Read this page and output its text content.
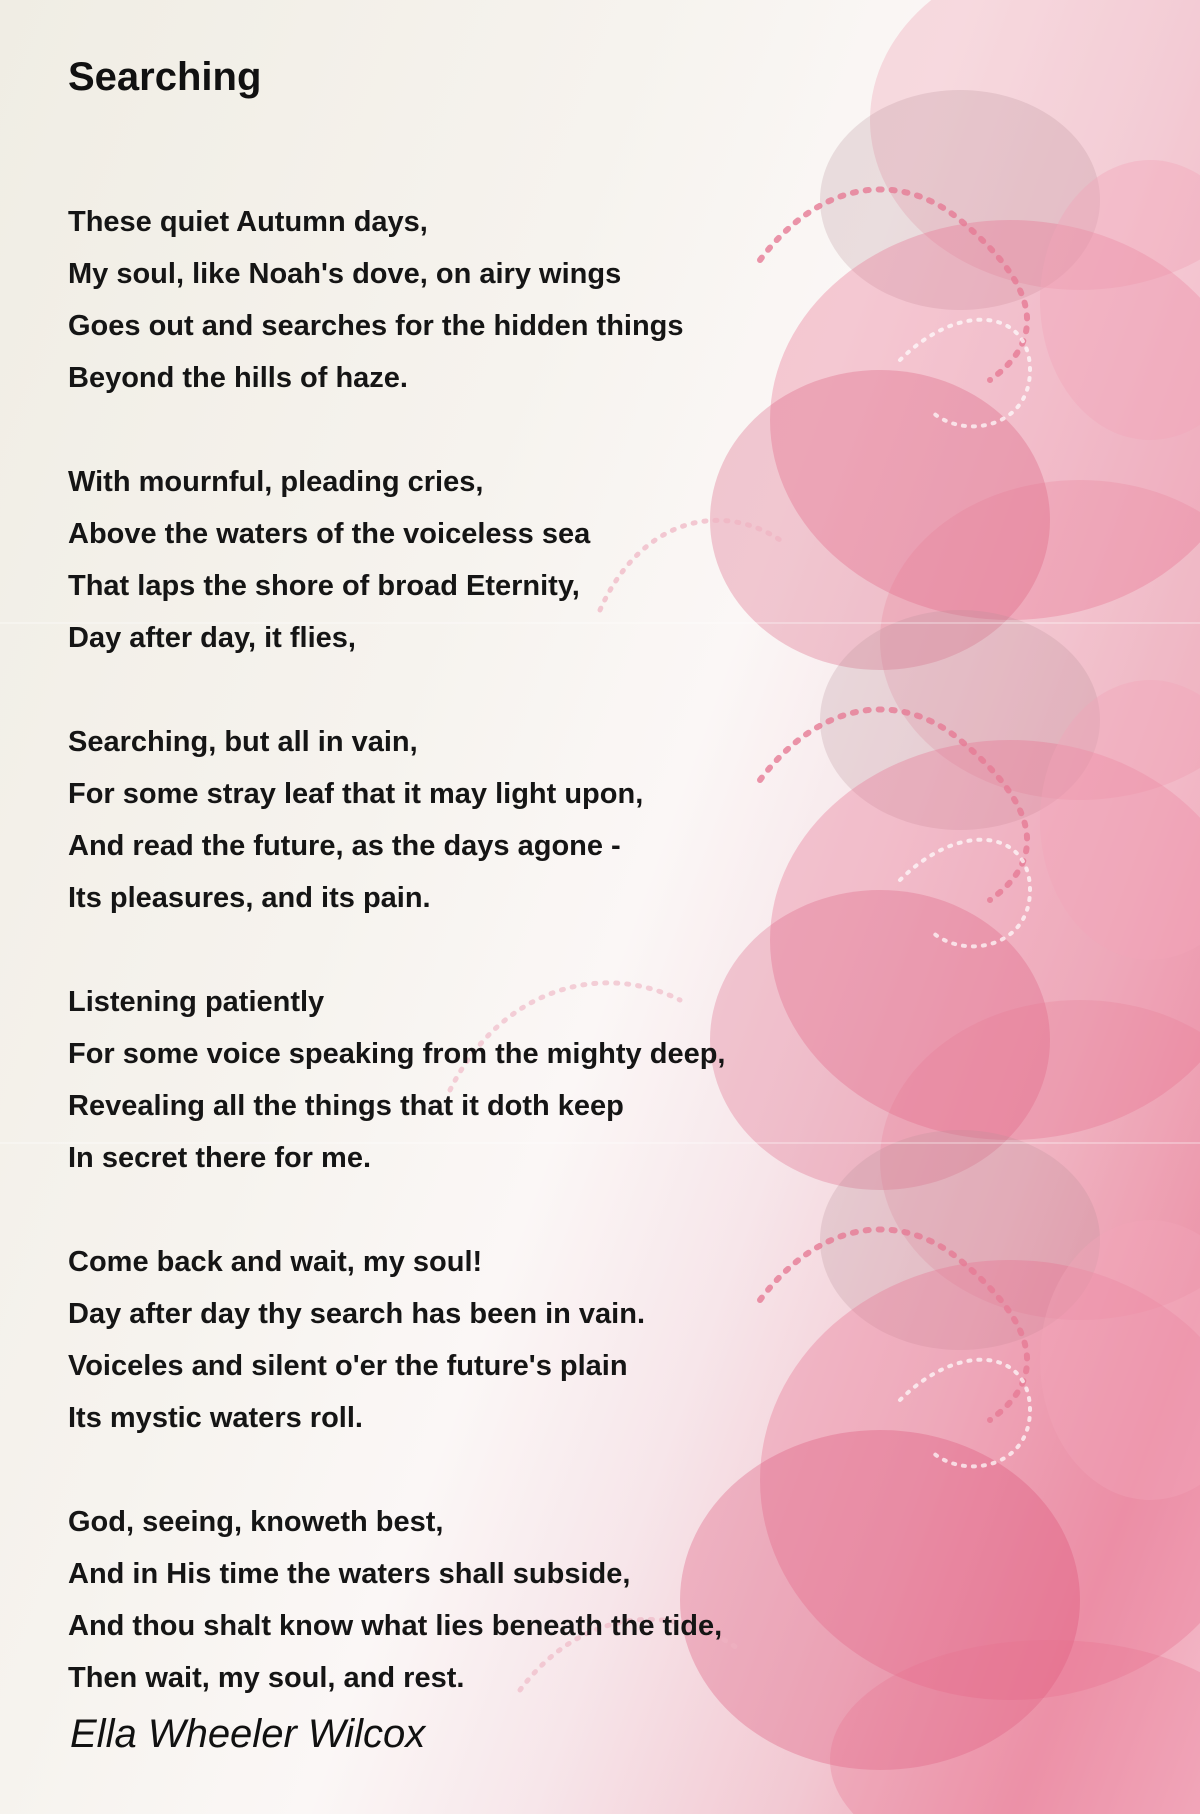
Searching
These quiet Autumn days,
My soul, like Noah's dove, on airy wings
Goes out and searches for the hidden things
Beyond the hills of haze.
With mournful, pleading cries,
Above the waters of the voiceless sea
That laps the shore of broad Eternity,
Day after day, it flies,
Searching, but all in vain,
For some stray leaf that it may light upon,
And read the future, as the days agone -
Its pleasures, and its pain.
Listening patiently
For some voice speaking from the mighty deep,
Revealing all the things that it doth keep
In secret there for me.
Come back and wait, my soul!
Day after day thy search has been in vain.
Voiceles and silent o'er the future's plain
Its mystic waters roll.
God, seeing, knoweth best,
And in His time the waters shall subside,
And thou shalt know what lies beneath the tide,
Then wait, my soul, and rest.
Ella Wheeler Wilcox
